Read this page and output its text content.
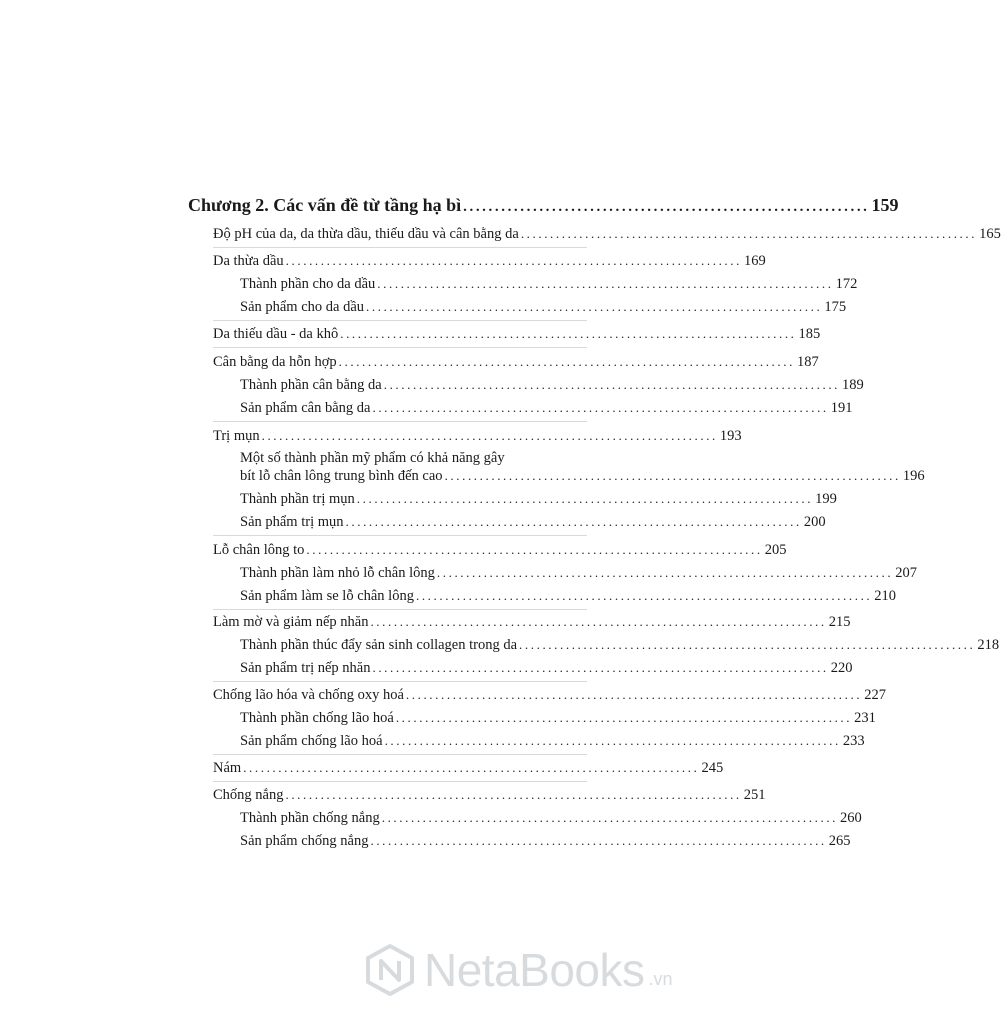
Chương 2. Các vấn đề từ tầng hạ bì ................................................................ 159
Độ pH của da, da thừa dầu, thiếu dầu và cân bằng da .............................................................................. 165
Da thừa dầu .............................................................................. 169
Thành phần cho da dầu .............................................................................. 172
Sản phẩm cho da dầu .............................................................................. 175
Da thiếu dầu - da khô .............................................................................. 185
Cân bằng da hỗn hợp .............................................................................. 187
Thành phần cân bằng da .............................................................................. 189
Sản phẩm cân bằng da .............................................................................. 191
Trị mụn .............................................................................. 193
Một số thành phần mỹ phẩm có khả năng gây
bít lỗ chân lông trung bình đến cao .............................................................................. 196
Thành phần trị mụn .............................................................................. 199
Sản phẩm trị mụn .............................................................................. 200
Lỗ chân lông to .............................................................................. 205
Thành phần làm nhỏ lỗ chân lông .............................................................................. 207
Sản phẩm làm se lỗ chân lông .............................................................................. 210
Làm mờ và giảm nếp nhăn .............................................................................. 215
Thành phần thúc đẩy sản sinh collagen trong da .............................................................................. 218
Sản phẩm trị nếp nhăn .............................................................................. 220
Chống lão hóa và chống oxy hoá .............................................................................. 227
Thành phần chống lão hoá .............................................................................. 231
Sản phẩm chống lão hoá .............................................................................. 233
Nám .............................................................................. 245
Chống nắng .............................................................................. 251
Thành phần chống nắng .............................................................................. 260
Sản phẩm chống nắng .............................................................................. 265
NetaBooks .vn
